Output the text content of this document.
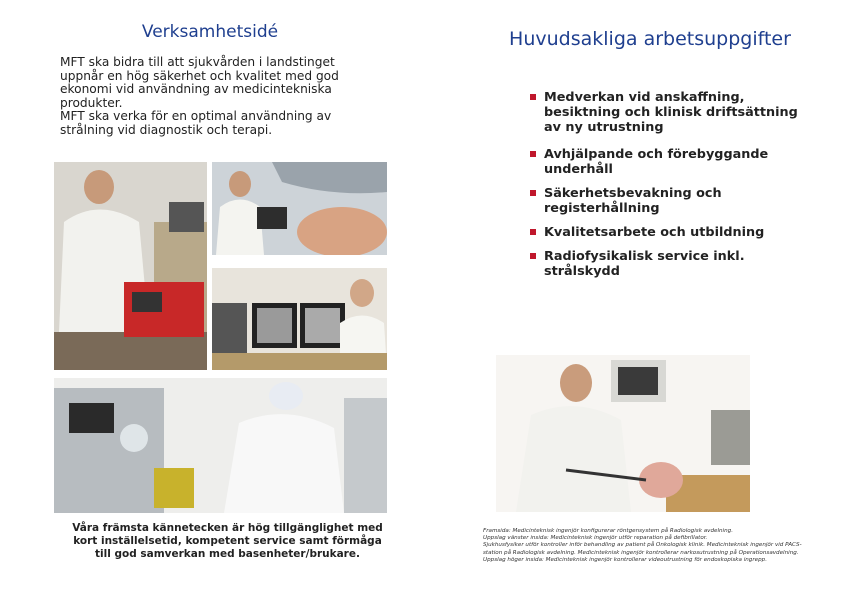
Verksamhetsidé

MFT ska bidra till att sjukvården i landstinget uppnår en hög säkerhet och kvalitet med god ekonomi vid användning av medicintekniska produkter.

MFT ska verka för en optimal användning av strålning vid diagnostik och terapi.

Våra främsta kännetecken är hög tillgänglighet med kort inställelsetid, kompetent service samt förmåga till god samverkan med basenheter/brukare.
Huvudsakliga arbetsuppgifter
Medverkan vid anskaffning, besiktning och klinisk driftsättning av ny utrustning
Avhjälpande och förebyggande underhåll
Säkerhetsbevakning och registerhållning
Kvalitetsarbete och utbildning
Radiofysikalisk service inkl. strålskydd

Framsida: Medicinteknisk ingenjör konfigurerar röntgensystem på Radiologisk avdelning.

Uppslag vänster insida: Medicinteknisk ingenjör utför reparation på defibrillator.

Sjukhusfysiker utför kontroller inför behandling av patient på Onkologisk klinik. Medicinteknisk ingenjör vid PACS-station på Radiologisk avdelning. Medicinteknisk ingenjör kontrollerar narkosutrustning på Operationsavdelning.

Uppslag höger insida: Medicinteknisk ingenjör kontrollerar videoutrustning för endoskopiska ingrepp.
